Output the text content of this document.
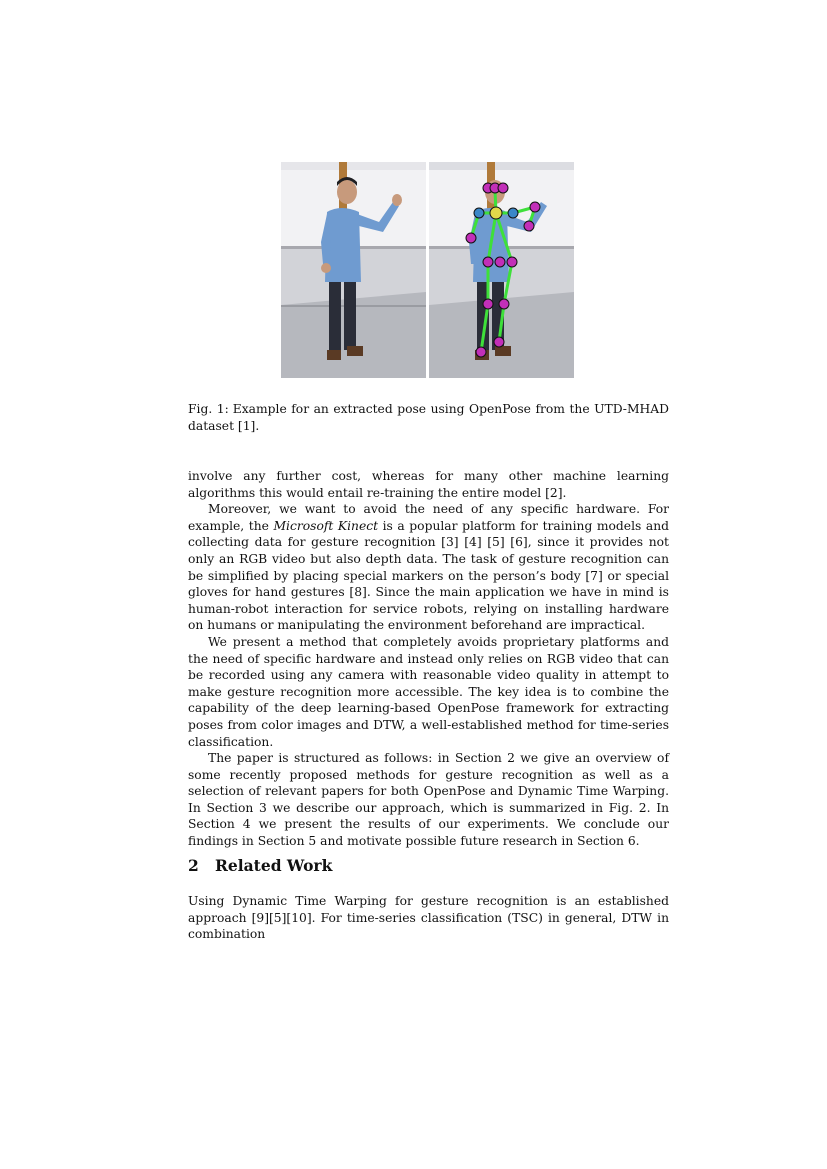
Fig. 1: Example for an extracted pose using OpenPose from the UTD-MHAD dataset [1].

involve any further cost, whereas for many other machine learning algorithms this would entail re-training the entire model [2].

Moreover, we want to avoid the need of any specific hardware. For example, the Microsoft Kinect is a popular platform for training models and collecting data for gesture recognition [3] [4] [5] [6], since it provides not only an RGB video but also depth data. The task of gesture recognition can be simplified by placing special markers on the person’s body [7] or special gloves for hand gestures [8]. Since the main application we have in mind is human-robot interaction for service robots, relying on installing hardware on humans or manipulating the environment beforehand are impractical.

We present a method that completely avoids proprietary platforms and the need of specific hardware and instead only relies on RGB video that can be recorded using any camera with reasonable video quality in attempt to make gesture recognition more accessible. The key idea is to combine the capability of the deep learning-based OpenPose framework for extracting poses from color images and DTW, a well-established method for time-series classification.

The paper is structured as follows: in Section 2 we give an overview of some recently proposed methods for gesture recognition as well as a selection of relevant papers for both OpenPose and Dynamic Time Warping. In Section 3 we describe our approach, which is summarized in Fig. 2. In Section 4 we present the results of our experiments. We conclude our findings in Section 5 and motivate possible future research in Section 6.

2 Related Work

Using Dynamic Time Warping for gesture recognition is an established approach [9][5][10]. For time-series classification (TSC) in general, DTW in combination
